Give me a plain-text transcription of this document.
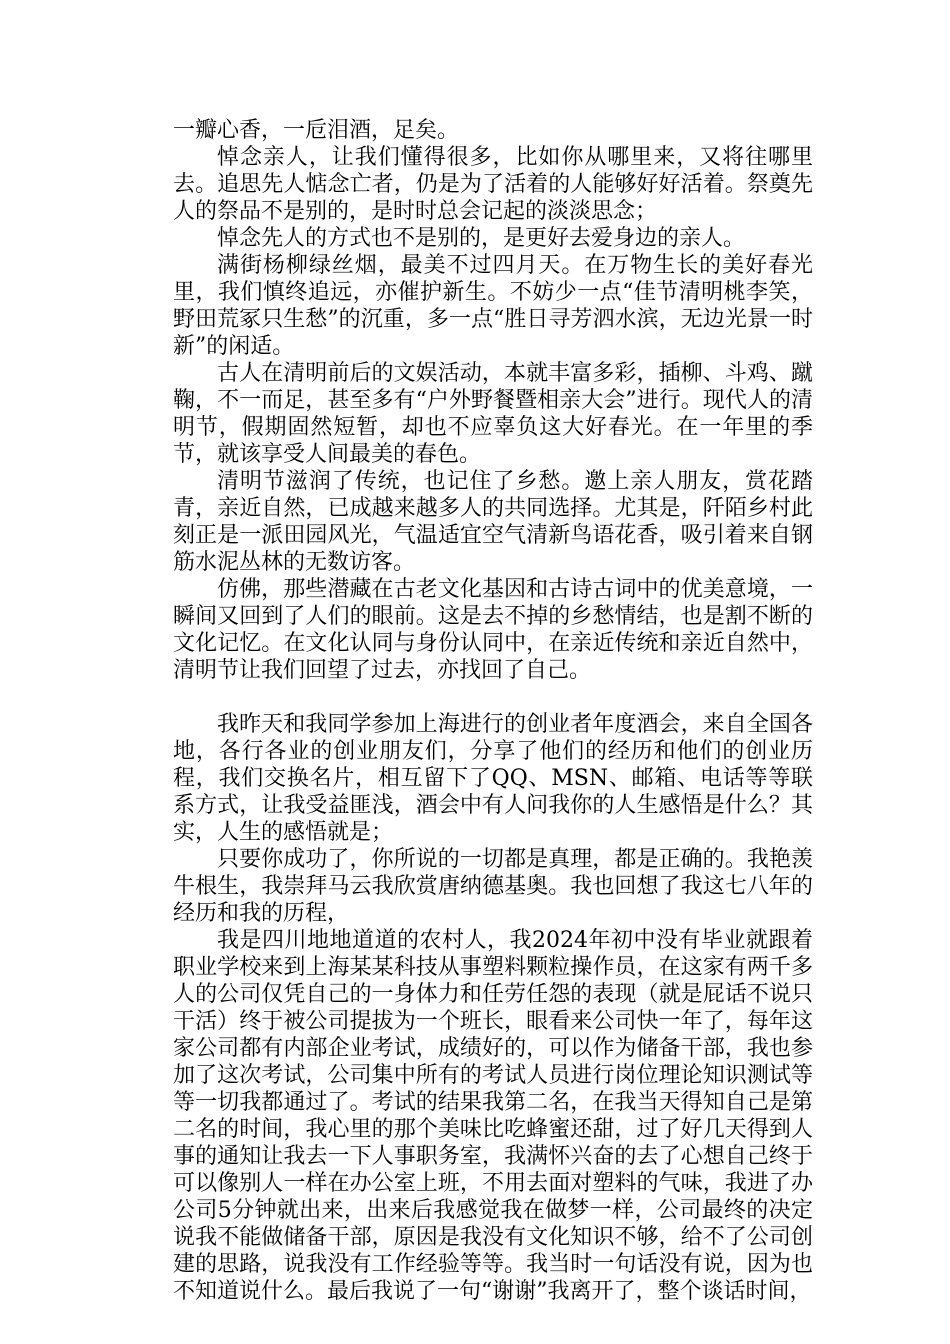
一瓣心香，一卮泪酒，足矣。

悼念亲人，让我们懂得很多，比如你从哪里来，又将往哪里去。追思先人惦念亡者，仍是为了活着的人能够好好活着。祭奠先人的祭品不是别的，是时时总会记起的淡淡思念；

悼念先人的方式也不是别的，是更好去爱身边的亲人。

满街杨柳绿丝烟，最美不过四月天。在万物生长的美好春光里，我们慎终追远，亦催护新生。不妨少一点“佳节清明桃李笑，野田荒冢只生愁”的沉重，多一点“胜日寻芳泗水滨，无边光景一时新”的闲适。

古人在清明前后的文娱活动，本就丰富多彩，插柳、斗鸡、蹴鞠，不一而足，甚至多有“户外野餐暨相亲大会”进行。现代人的清明节，假期固然短暂，却也不应辜负这大好春光。在一年里的季节，就该享受人间最美的春色。

清明节滋润了传统，也记住了乡愁。邀上亲人朋友，赏花踏青，亲近自然，已成越来越多人的共同选择。尤其是，阡陌乡村此刻正是一派田园风光，气温适宜空气清新鸟语花香，吸引着来自钢筋水泥丛林的无数访客。

仿佛，那些潜藏在古老文化基因和古诗古词中的优美意境，一瞬间又回到了人们的眼前。这是去不掉的乡愁情结，也是割不断的文化记忆。在文化认同与身份认同中，在亲近传统和亲近自然中，清明节让我们回望了过去，亦找回了自己。

我昨天和我同学参加上海进行的创业者年度酒会，来自全国各地，各行各业的创业朋友们，分享了他们的经历和他们的创业历程，我们交换名片，相互留下了QQ、MSN、邮箱、电话等等联系方式，让我受益匪浅，酒会中有人问我你的人生感悟是什么？其实，人生的感悟就是；

只要你成功了，你所说的一切都是真理，都是正确的。我艳羡牛根生，我崇拜马云我欣赏唐纳德基奥。我也回想了我这七八年的经历和我的历程，

我是四川地地道道的农村人，我2024年初中没有毕业就跟着职业学校来到上海某某科技从事塑料颗粒操作员，在这家有两千多人的公司仅凭自己的一身体力和任劳任怨的表现（就是屁话不说只干活）终于被公司提拔为一个班长，眼看来公司快一年了，每年这家公司都有内部企业考试，成绩好的，可以作为储备干部，我也参加了这次考试，公司集中所有的考试人员进行岗位理论知识测试等等一切我都通过了。考试的结果我第二名，在我当天得知自己是第二名的时间，我心里的那个美味比吃蜂蜜还甜，过了好几天得到人事的通知让我去一下人事职务室，我满怀兴奋的去了心想自己终于可以像别人一样在办公室上班，不用去面对塑料的气味，我进了办公司5分钟就出来，出来后我感觉我在做梦一样，公司最终的决定说我不能做储备干部，原因是我没有文化知识不够，给不了公司创建的思路，说我没有工作经验等等。我当时一句话没有说，因为也不知道说什么。最后我说了一句“谢谢”我离开了，整个谈话时间，
